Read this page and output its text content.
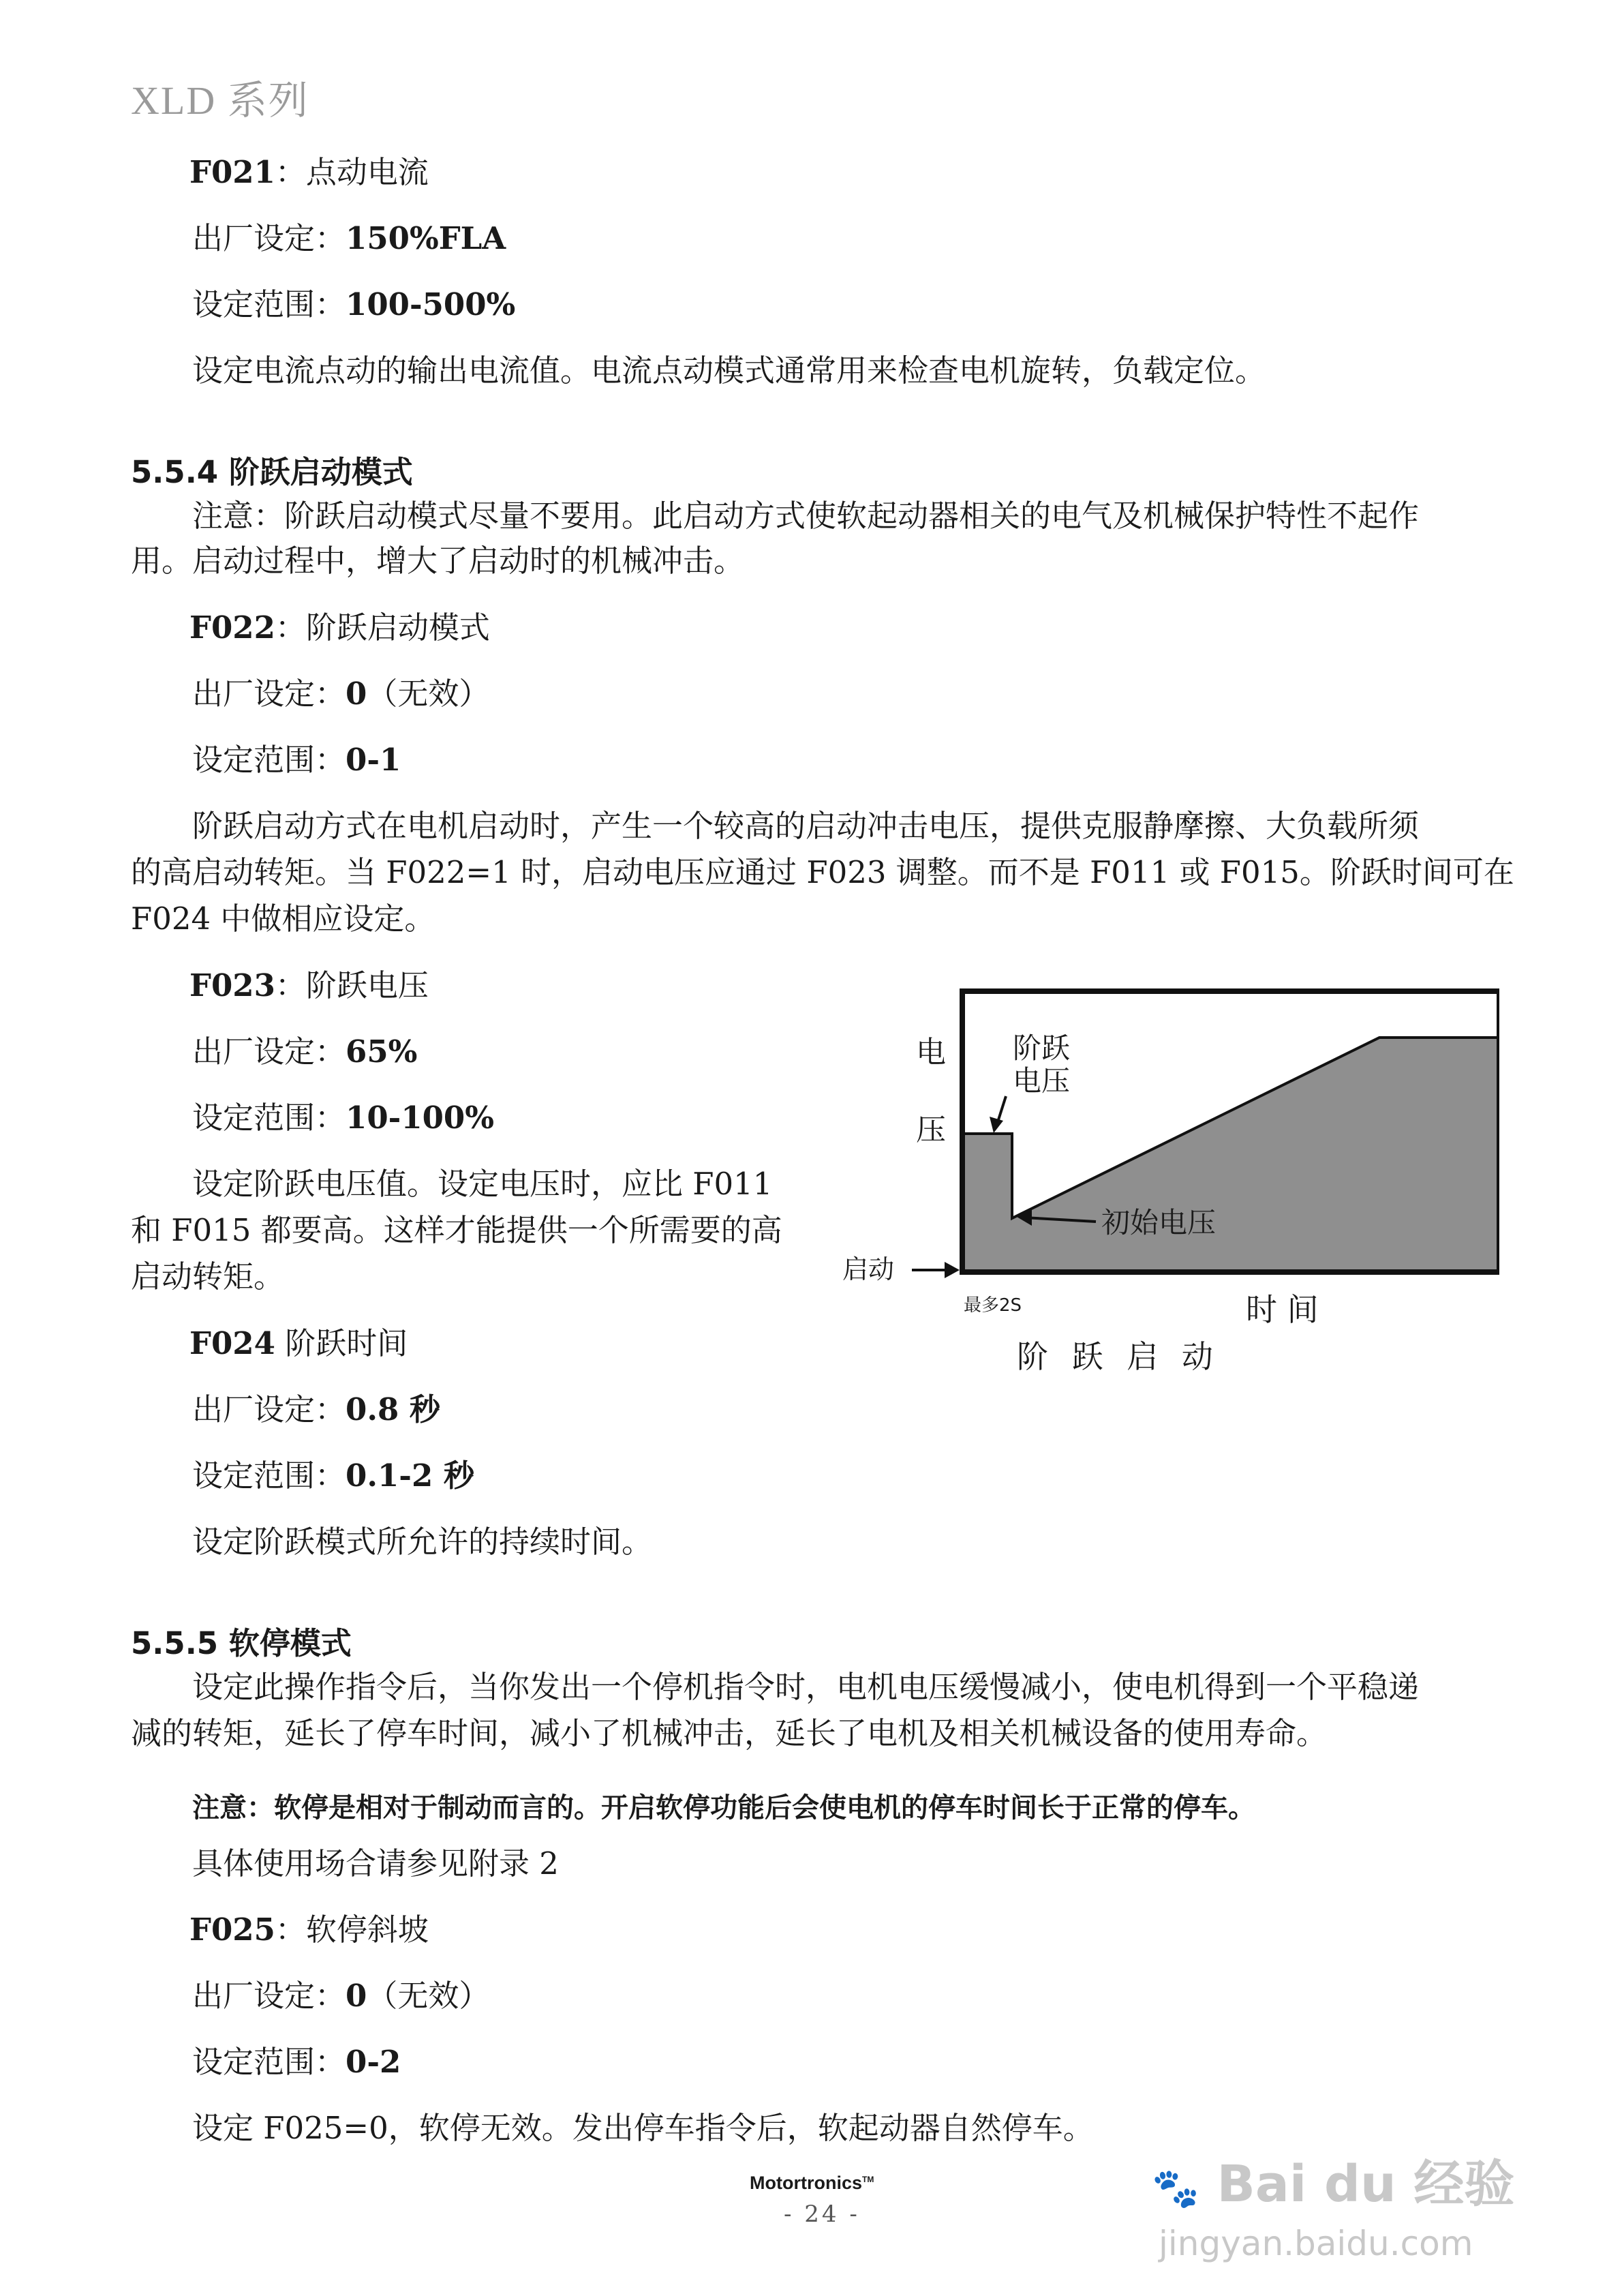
XLD 系列
F021：点动电流
出厂设定：150%FLA
设定范围：100-500%
设定电流点动的输出电流值。电流点动模式通常用来检查电机旋转，负载定位。
5.5.4 阶跃启动模式
注意：阶跃启动模式尽量不要用。此启动方式使软起动器相关的电气及机械保护特性不起作
用。启动过程中，增大了启动时的机械冲击。
F022：阶跃启动模式
出厂设定：0（无效）
设定范围：0-1
阶跃启动方式在电机启动时，产生一个较高的启动冲击电压，提供克服静摩擦、大负载所须
的高启动转矩。当 F022=1 时，启动电压应通过 F023 调整。而不是 F011 或 F015。阶跃时间可在
F024 中做相应设定。
F023：阶跃电压
出厂设定：65%
设定范围：10-100%
设定阶跃电压值。设定电压时，应比 F011
和 F015 都要高。这样才能提供一个所需要的高
启动转矩。
电
压
阶跃
电压
初始电压
启动
最多2S	时 间
阶 跃 启 动
F024 阶跃时间
出厂设定：0.8 秒
设定范围：0.1-2 秒
设定阶跃模式所允许的持续时间。
5.5.5 软停模式
设定此操作指令后，当你发出一个停机指令时，电机电压缓慢减小，使电机得到一个平稳递
减的转矩，延长了停车时间，减小了机械冲击，延长了电机及相关机械设备的使用寿命。
注意：软停是相对于制动而言的。开启软停功能后会使电机的停车时间长于正常的停车。
具体使用场合请参见附录 2
F025：软停斜坡
出厂设定：0（无效）
设定范围：0-2
设定 F025=0，软停无效。发出停车指令后，软起动器自然停车。
Motortronics™
- 24 -
🐾 Bai du 经验
jingyan.baidu.com
